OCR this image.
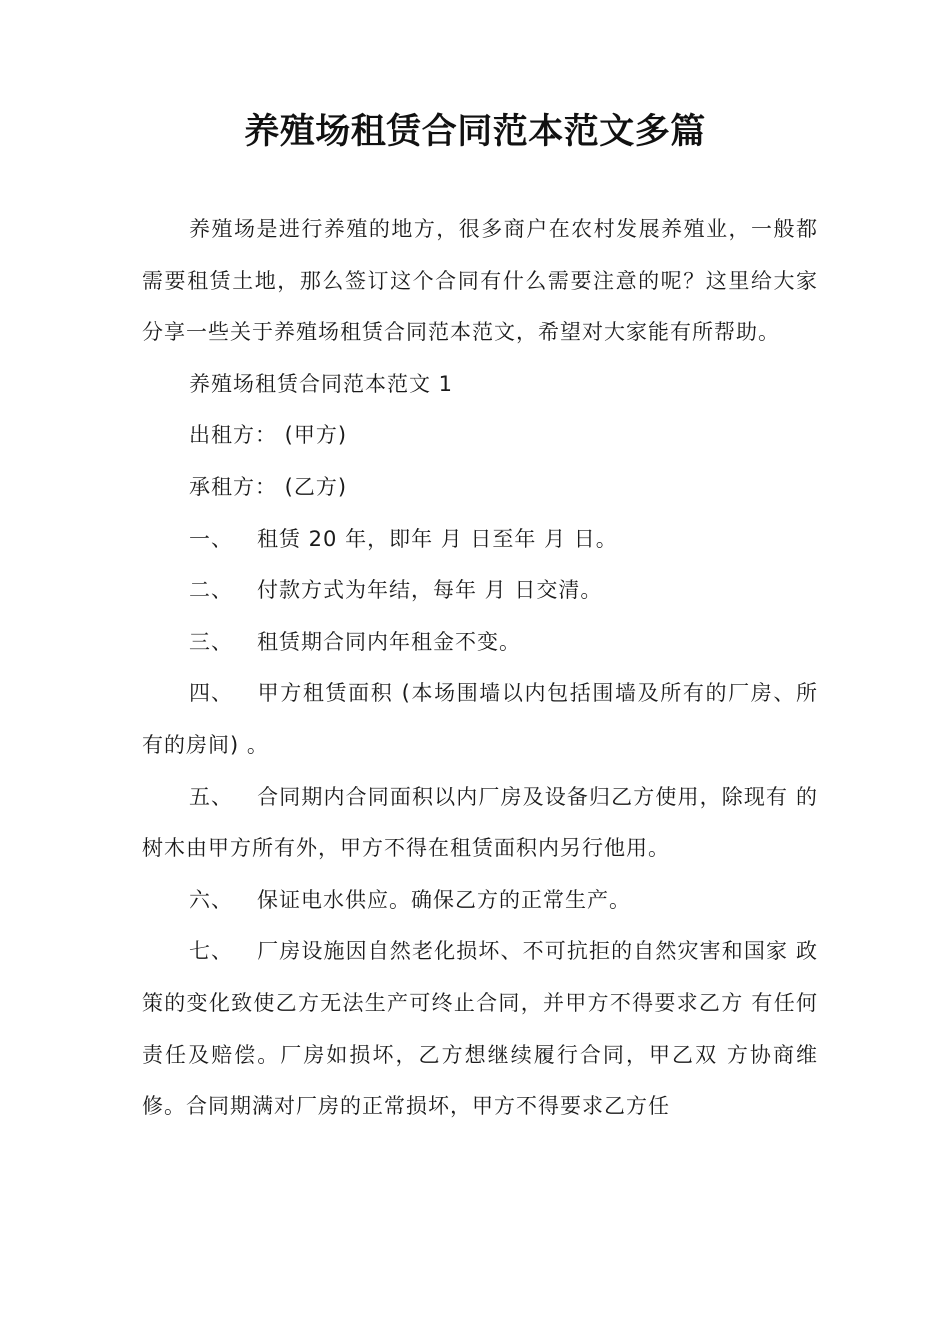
养殖场租赁合同范本范文多篇

养殖场是进行养殖的地方，很多商户在农村发展养殖业，一般都需要租赁土地，那么签订这个合同有什么需要注意的呢？这里给大家分享一些关于养殖场租赁合同范本范文，希望对大家能有所帮助。

养殖场租赁合同范本范文 1

出租方： (甲方)

承租方： (乙方)

一、 租赁 20 年，即年 月 日至年 月 日。

二、 付款方式为年结，每年 月 日交清。

三、 租赁期合同内年租金不变。

四、 甲方租赁面积 (本场围墙以内包括围墙及所有的厂房、所 有的房间) 。

五、 合同期内合同面积以内厂房及设备归乙方使用，除现有 的树木由甲方所有外，甲方不得在租赁面积内另行他用。

六、 保证电水供应。确保乙方的正常生产。

七、 厂房设施因自然老化损坏、不可抗拒的自然灾害和国家 政策的变化致使乙方无法生产可终止合同，并甲方不得要求乙方 有任何责任及赔偿。厂房如损坏，乙方想继续履行合同，甲乙双 方协商维修。合同期满对厂房的正常损坏，甲方不得要求乙方任
